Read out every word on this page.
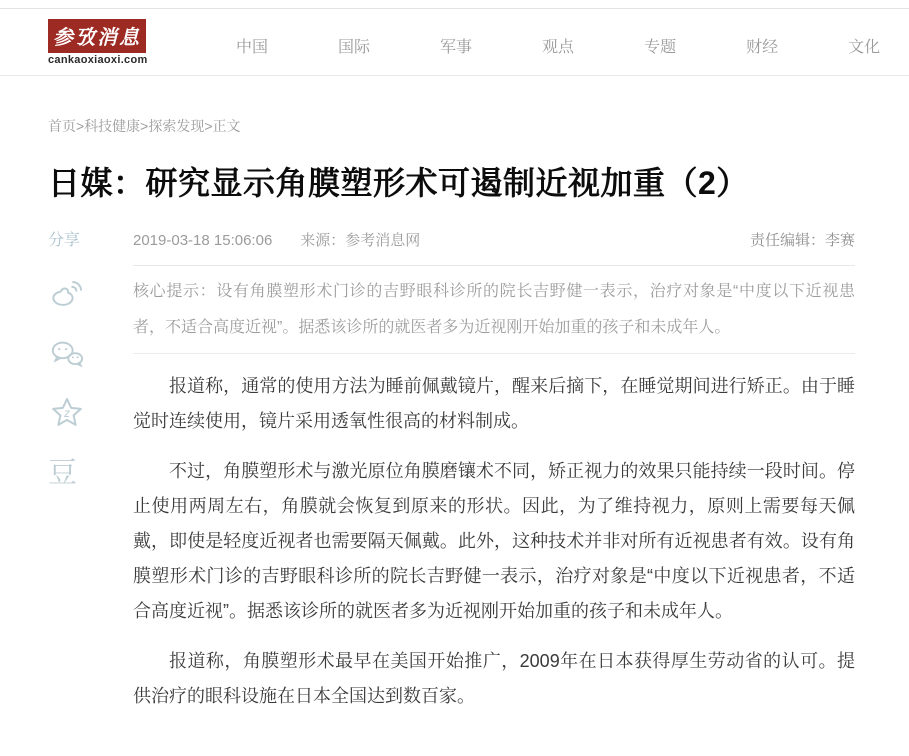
参攷消息
cankaoxiaoxi.com
中国	国际	军事	观点	专题	财经	文化
首页>科技健康>探索发现>正文
日媒：研究显示角膜塑形术可遏制近视加重（2）
分享
z
豆
2019-03-18 15:06:06 来源：参考消息网	责任编辑：李赛

核心提示：设有角膜塑形术门诊的吉野眼科诊所的院长吉野健一表示，治疗对象是“中度以下近视患者，不适合高度近视”。据悉该诊所的就医者多为近视刚开始加重的孩子和未成年人。

报道称，通常的使用方法为睡前佩戴镜片，醒来后摘下，在睡觉期间进行矫正。由于睡觉时连续使用，镜片采用透氧性很高的材料制成。

不过，角膜塑形术与激光原位角膜磨镶术不同，矫正视力的效果只能持续一段时间。停止使用两周左右，角膜就会恢复到原来的形状。因此，为了维持视力，原则上需要每天佩戴，即使是轻度近视者也需要隔天佩戴。此外，这种技术并非对所有近视患者有效。设有角膜塑形术门诊的吉野眼科诊所的院长吉野健一表示，治疗对象是“中度以下近视患者，不适合高度近视”。据悉该诊所的就医者多为近视刚开始加重的孩子和未成年人。

报道称，角膜塑形术最早在美国开始推广，2009年在日本获得厚生劳动省的认可。提供治疗的眼科设施在日本全国达到数百家。
